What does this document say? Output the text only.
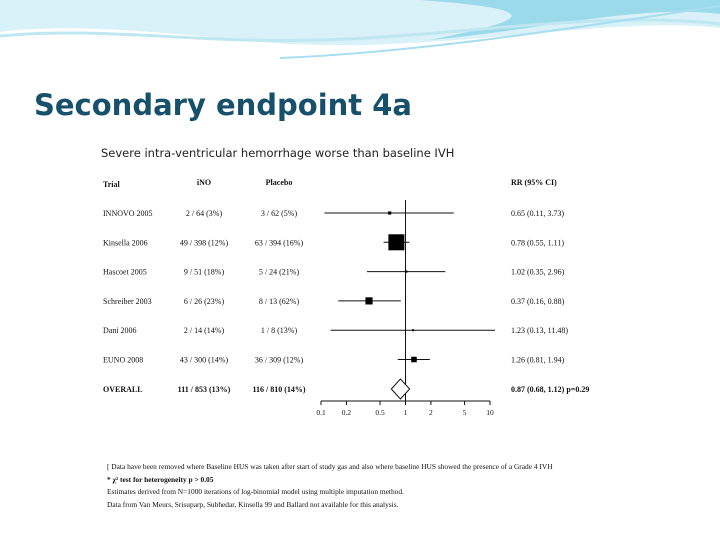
Secondary endpoint 4a
Severe intra-ventricular hemorrhage worse than baseline IVH
Trial	iNO	Placebo	RR (95% CI)
INNOVO 2005	2 / 64 (3%)	3 / 62 (5%)	0.65 (0.11, 3.73)
Kinsella 2006	49 / 398 (12%)	63 / 394 (16%)	0.78 (0.55, 1.11)
Hascoet 2005	9 / 51 (18%)	5 / 24 (21%)	1.02 (0.35, 2.96)
Schreiber 2003	6 / 26 (23%)	8 / 13 (62%)	0.37 (0.16, 0.88)
Dani 2006	2 / 14 (14%)	1 / 8 (13%)	1.23 (0.13, 11.48)
EUNO 2008	43 / 300 (14%)	36 / 309 (12%)	1.26 (0.81, 1.94)
OVERALL	111 / 853 (13%)	116 / 810 (14%)	0.87 (0.68, 1.12) p=0.29
0.1 0.2	0.5	1	2	5	10
[ Data have been removed where Baseline HUS was taken after start of study gas and also where baseline HUS showed the presence of a Grade 4 IVH
* χ² test for heterogeneity p > 0.05
Estimates derived from N=1000 iterations of log-binomial model using multiple imputation method.
Data from Van Meurs, Srisuparp, Subhedar, Kinsella 99 and Ballard not available for this analysis.
